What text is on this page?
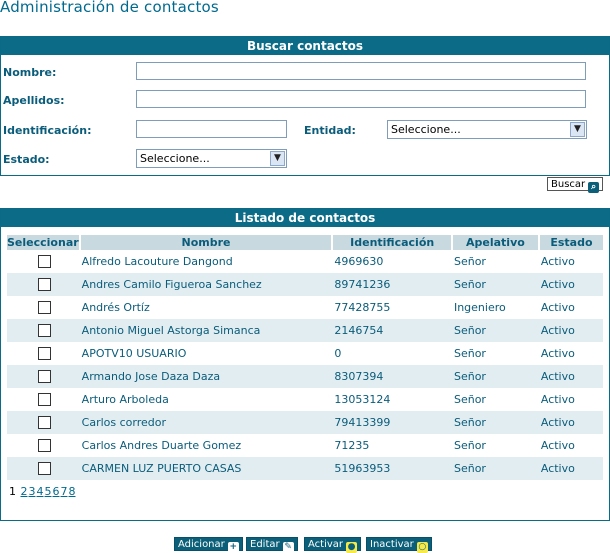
Administración de contactos
Buscar contactos
Nombre:
Apellidos:
Identificación:	Entidad:	Seleccione...	▼
Estado:	Seleccione...	▼
Buscar ⌕
Listado de contactos
Seleccionar	Nombre	Identificación	Apelativo	Estado
	Alfredo Lacouture Dangond	4969630	Señor	Activo
	Andres Camilo Figueroa Sanchez	89741236	Señor	Activo
	Andrés Ortíz	77428755	Ingeniero	Activo
	Antonio Miguel Astorga Simanca	2146754	Señor	Activo
	APOTV10 USUARIO	0	Señor	Activo
	Armando Jose Daza Daza	8307394	Señor	Activo
	Arturo Arboleda	13053124	Señor	Activo
	Carlos corredor	79413399	Señor	Activo
	Carlos Andres Duarte Gomez	71235	Señor	Activo
	CARMEN LUZ PUERTO CASAS	51963953	Señor	Activo
1 2345678
Adicionar +	Editar ✎	Activar ●	Inactivar ○
